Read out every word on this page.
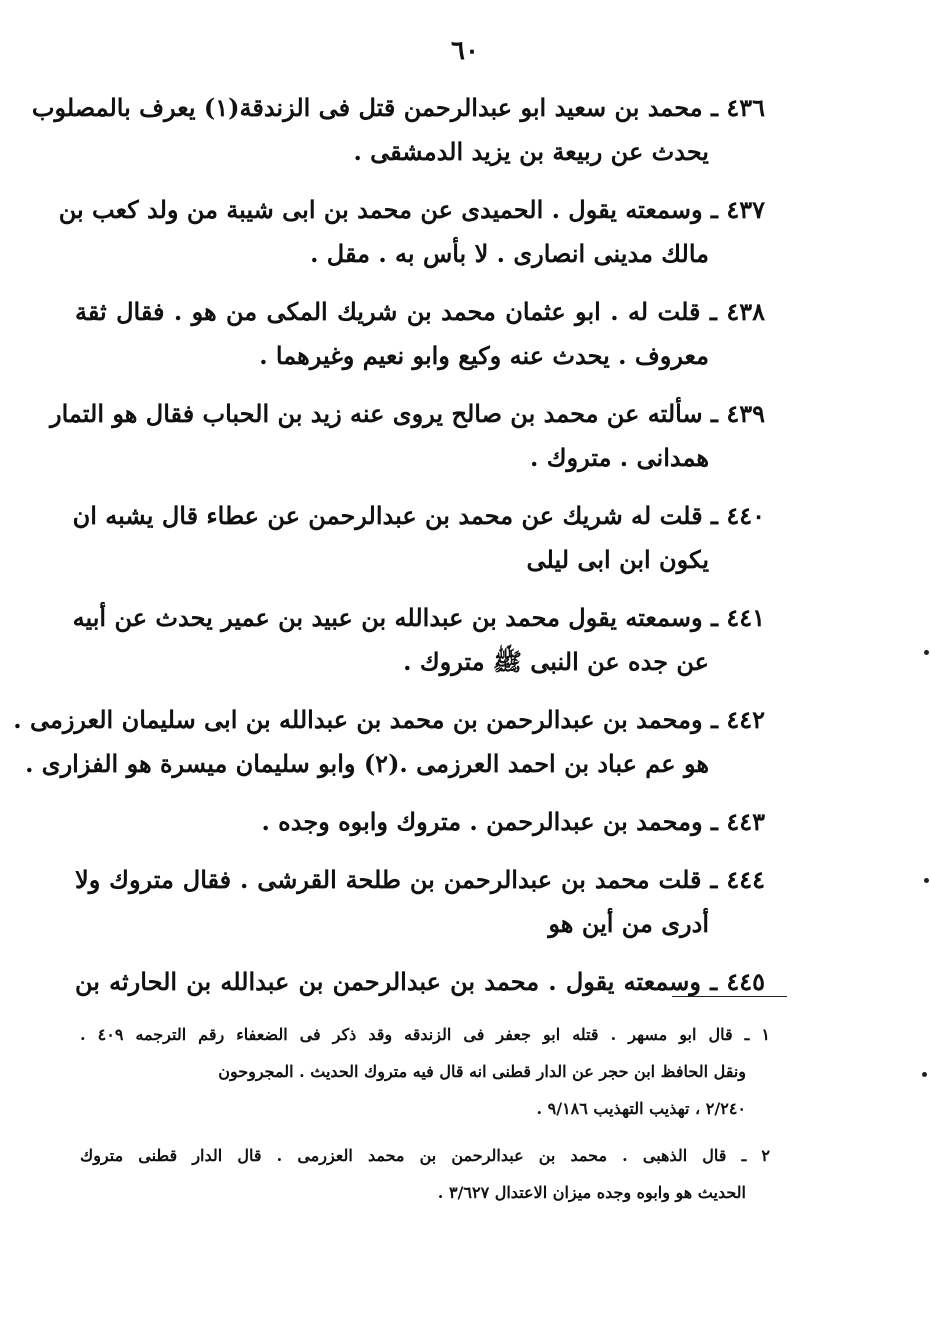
٦٠
٤٣٦ ـ محمد بن سعيد ابو عبدالرحمن قتل فى الزندقة(١) يعرف بالمصلوب
يحدث عن ربيعة بن يزيد الدمشقى .
٤٣٧ ـ وسمعته يقول . الحميدى عن محمد بن ابى شيبة من ولد كعب بن
مالك مدينى انصارى . لا بأس به . مقل .
٤٣٨ ـ قلت له . ابو عثمان محمد بن شريك المكى من هو . فقال ثقة
معروف . يحدث عنه وكيع وابو نعيم وغيرهما .
٤٣٩ ـ سألته عن محمد بن صالح يروى عنه زيد بن الحباب فقال هو التمار
همدانى . متروك .
٤٤٠ ـ قلت له شريك عن محمد بن عبدالرحمن عن عطاء قال يشبه ان
يكون ابن ابى ليلى
٤٤١ ـ وسمعته يقول محمد بن عبدالله بن عبيد بن عمير يحدث عن أبيه
عن جده عن النبى ﷺ متروك .
٤٤٢ ـ ومحمد بن عبدالرحمن بن محمد بن عبدالله بن ابى سليمان العرزمى .
هو عم عباد بن احمد العرزمى .(٢) وابو سليمان ميسرة هو الفزارى .
٤٤٣ ـ ومحمد بن عبدالرحمن . متروك وابوه وجده .
٤٤٤ ـ قلت محمد بن عبدالرحمن بن طلحة القرشى . فقال متروك ولا
أدرى من أين هو
٤٤٥ ـ وسمعته يقول . محمد بن عبدالرحمن بن عبدالله بن الحارثه بن
١ ـ قال ابو مسهر . قتله ابو جعفر فى الزندقه وقد ذكر فى الضعفاء رقم الترجمه ٤٠٩ .
ونقل الحافظ ابن حجر عن الدار قطنى انه قال فيه متروك الحديث . المجروحون
٢/٢٤٠ ، تهذيب التهذيب ٩/١٨٦ .
٢ ـ قال الذهبى . محمد بن عبدالرحمن بن محمد العزرمى . قال الدار قطنى متروك
الحديث هو وابوه وجده ميزان الاعتدال ٣/٦٢٧ .
